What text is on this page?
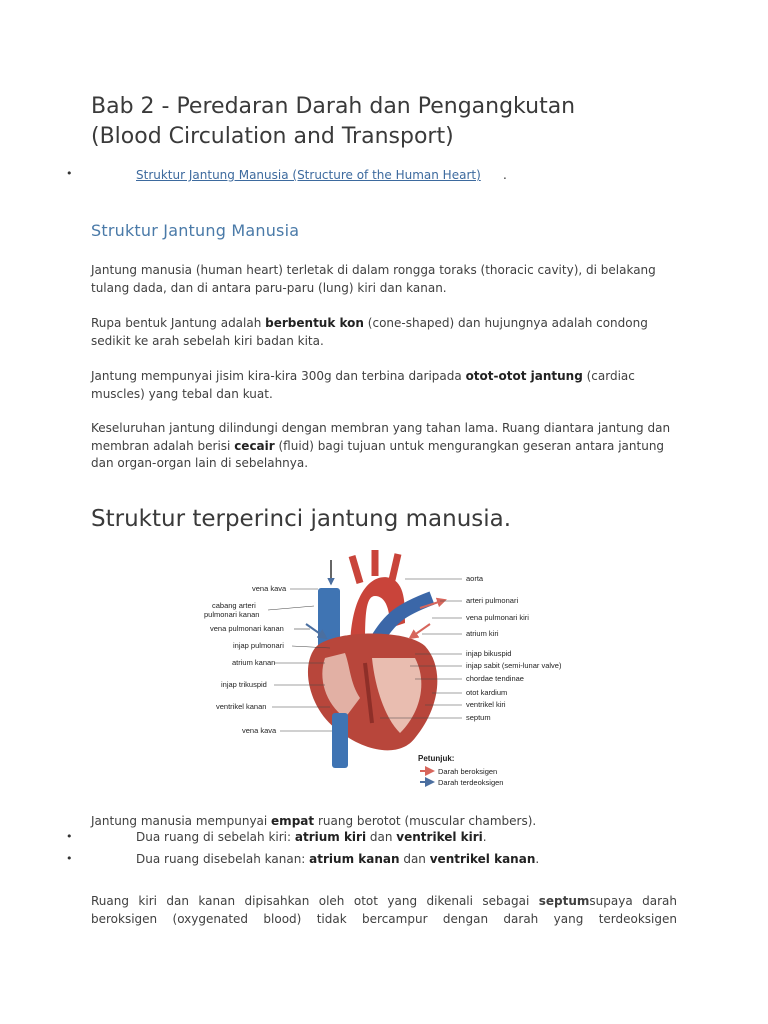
Bab 2 - Peredaran Darah dan Pengangkutan
(Blood Circulation and Transport)
•	Struktur Jantung Manusia (Structure of the Human Heart) .
Struktur Jantung Manusia

Jantung manusia (human heart) terletak di dalam rongga toraks (thoracic cavity), di belakang tulang dada, dan di antara paru-paru (lung) kiri dan kanan.

Rupa bentuk Jantung adalah berbentuk kon (cone-shaped) dan hujungnya adalah condong sedikit ke arah sebelah kiri badan kita.

Jantung mempunyai jisim kira-kira 300g dan terbina daripada otot-otot jantung (cardiac muscles) yang tebal dan kuat.

Keseluruhan jantung dilindungi dengan membran yang tahan lama. Ruang diantara jantung dan membran adalah berisi cecair (fluid) bagi tujuan untuk mengurangkan geseran antara jantung dan organ-organ lain di sebelahnya.

Struktur terperinci jantung manusia.
vena kava
cabang arteri
pulmonari kanan
vena pulmonari kanan
injap pulmonari
atrium kanan
injap trikuspid
ventrikel kanan
vena kava
aorta
arteri pulmonari
vena pulmonari kiri
atrium kiri
injap bikuspid
injap sabit (semi-lunar valve)
chordae tendinae
otot kardium
ventrikel kiri
septum
Petunjuk:
Darah beroksigen
Darah terdeoksigen

Jantung manusia mempunyai empat ruang berotot (muscular chambers).

•	Dua ruang di sebelah kiri: atrium kiri dan ventrikel kiri.
•	Dua ruang disebelah kanan: atrium kanan dan ventrikel kanan.

Ruang kiri dan kanan dipisahkan oleh otot yang dikenali sebagai septumsupaya darah beroksigen (oxygenated blood) tidak bercampur dengan darah yang terdeoksigen
